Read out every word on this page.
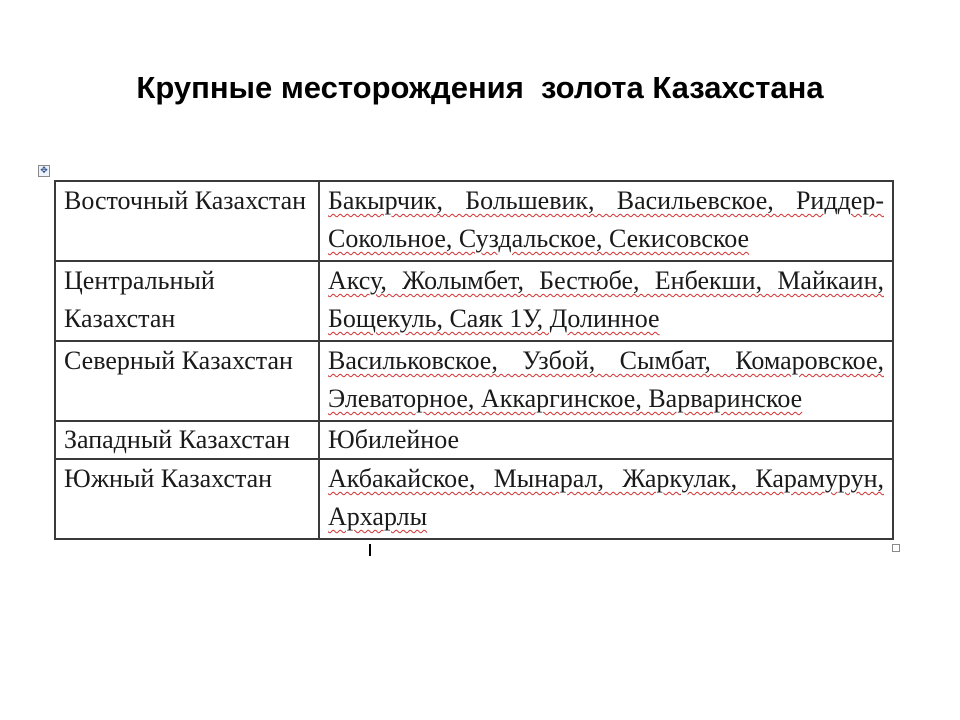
Крупные месторождения  золота Казахстана
✥
Восточный Казахстан	Бакырчик, Большевик, Васильевское, Риддер-Сокольное, Суздальское, Секисовское
Центральный Казахстан	Аксу, Жолымбет, Бестюбе, Енбекши, Майкаин, Бощекуль, Саяк 1У, Долинное
Северный Казахстан	Васильковское, Узбой, Сымбат, Комаровское, Элеваторное, Аккаргинское, Варваринское
Западный Казахстан	Юбилейное
Южный Казахстан	Акбакайское, Мынарал, Жаркулак, Карамурун, Архарлы
